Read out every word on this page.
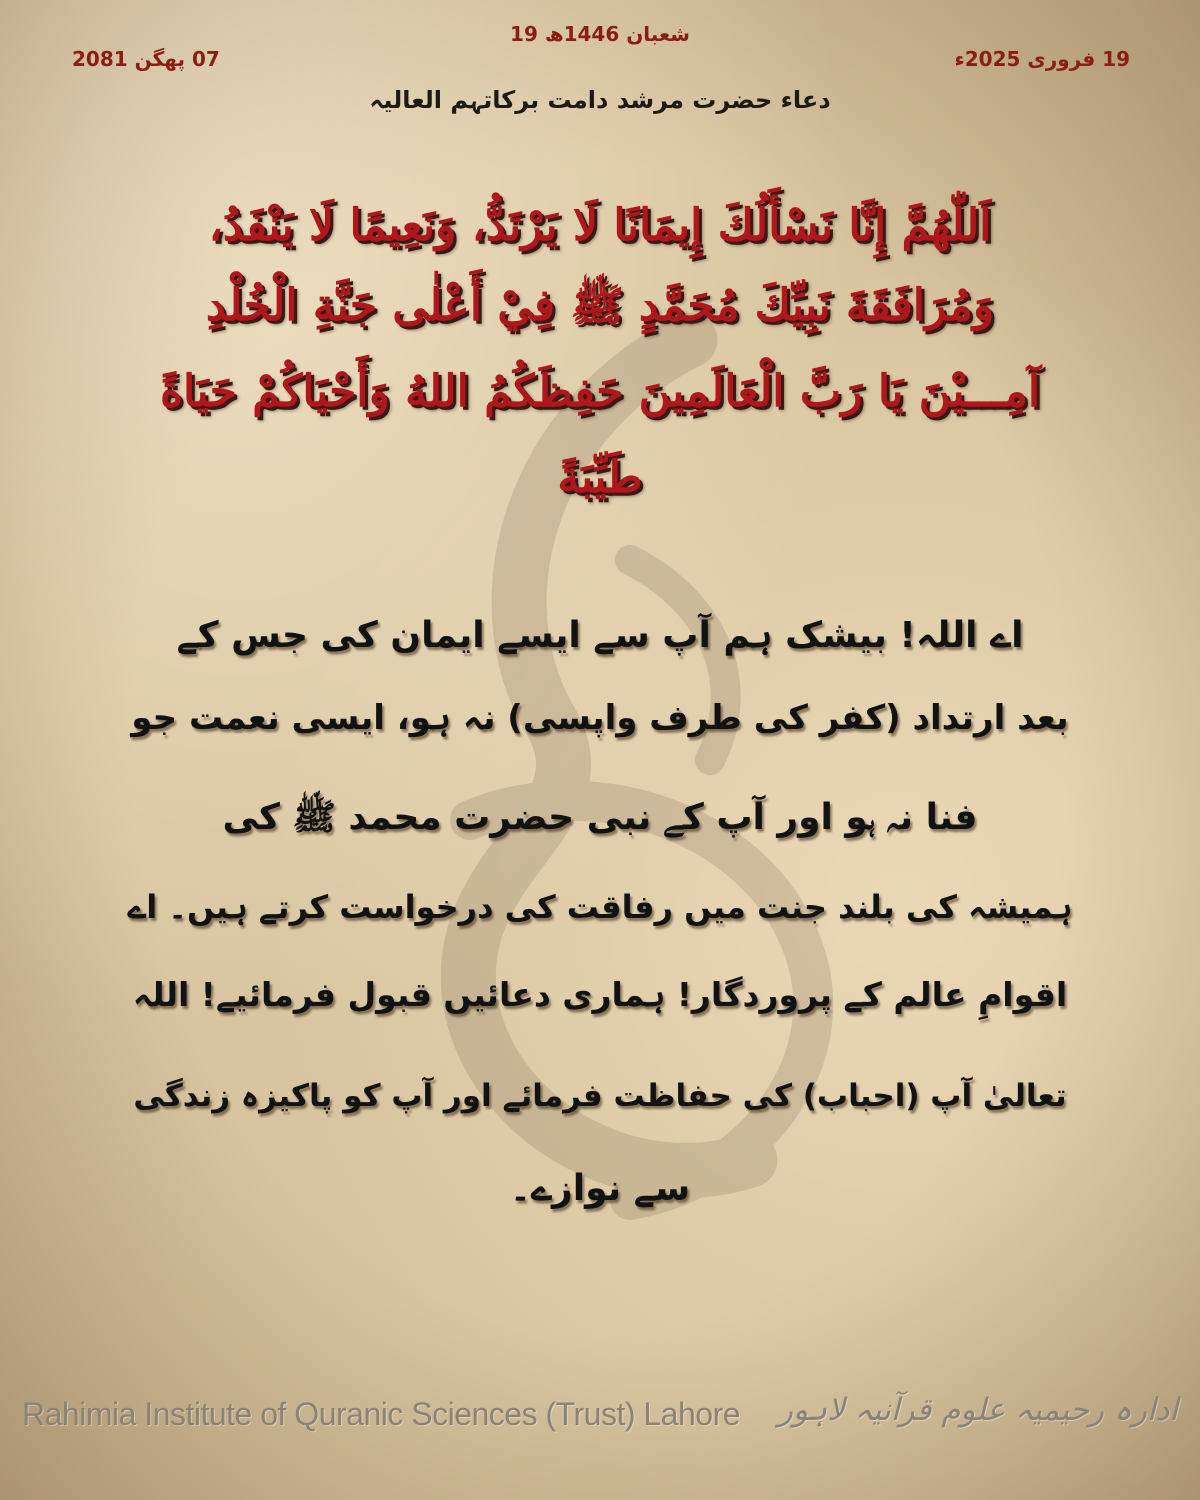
19 شعبان 1446ھ
19 فروری 2025ء
07 پھگن 2081
دعاء حضرت مرشد دامت برکاتہم العالیہ
اَللّٰهُمَّ إِنَّا نَسْأَلُكَ إِيمَانًا لَا يَرْتَدُّ، وَنَعِيمًا لَا يَنْفَدُ،
وَمُرَافَقَةَ نَبِيِّكَ مُحَمَّدٍ ﷺ فِيْ أَعْلٰى جَنَّةِ الْخُلْدِ
آمِـــيْنَ يَا رَبَّ الْعَالَمِينَ حَفِظَكُمُ اللهُ وَأَحْيَاكُمْ حَيَاةً
طَيِّبَةً
اے اللہ! بیشک ہم آپ سے ایسے ایمان کی جس کے
بعد ارتداد (کفر کی طرف واپسی) نہ ہو، ایسی نعمت جو
فنا نہ ہو اور آپ کے نبی حضرت محمد ﷺ کی
ہمیشہ کی بلند جنت میں رفاقت کی درخواست کرتے ہیں۔ اے
اقوامِ عالم کے پروردگار! ہماری دعائیں قبول فرمائیے! اللہ
تعالیٰ آپ (احباب) کی حفاظت فرمائے اور آپ کو پاکیزہ زندگی
سے نوازے۔
Rahimia Institute of Quranic Sciences (Trust) Lahore ادارہ رحیمیہ علوم قرآنیہ لاہور
